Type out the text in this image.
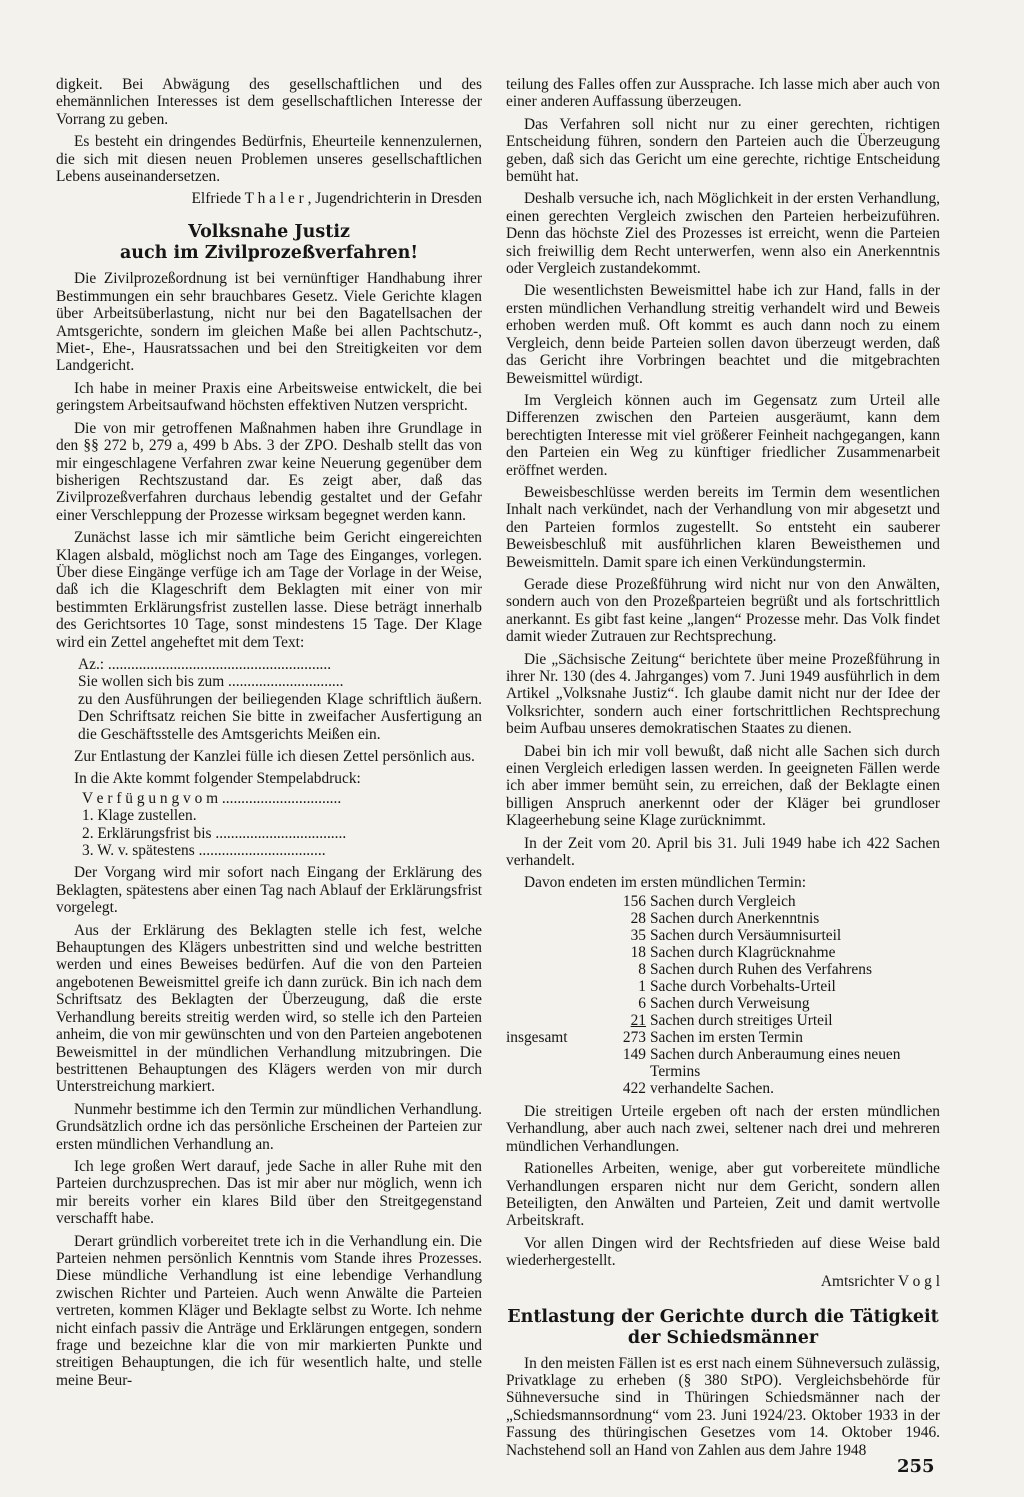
digkeit. Bei Abwägung des gesellschaftlichen und des ehemännlichen Interesses ist dem gesellschaftlichen Interesse der Vorrang zu geben.

Es besteht ein dringendes Bedürfnis, Eheurteile kennenzulernen, die sich mit diesen neuen Problemen unseres gesellschaftlichen Lebens auseinandersetzen.

Elfriede T h a l e r , Jugendrichterin in Dresden
Volksnahe Justiz
auch im Zivilprozeßverfahren!

Die Zivilprozeßordnung ist bei vernünftiger Handhabung ihrer Bestimmungen ein sehr brauchbares Gesetz. Viele Gerichte klagen über Arbeitsüberlastung, nicht nur bei den Bagatellsachen der Amtsgerichte, sondern im gleichen Maße bei allen Pachtschutz-, Miet-, Ehe-, Hausratssachen und bei den Streitigkeiten vor dem Landgericht.

Ich habe in meiner Praxis eine Arbeitsweise entwickelt, die bei geringstem Arbeitsaufwand höchsten effektiven Nutzen verspricht.

Die von mir getroffenen Maßnahmen haben ihre Grundlage in den §§ 272 b, 279 a, 499 b Abs. 3 der ZPO. Deshalb stellt das von mir eingeschlagene Verfahren zwar keine Neuerung gegenüber dem bisherigen Rechtszustand dar. Es zeigt aber, daß das Zivilprozeßverfahren durchaus lebendig gestaltet und der Gefahr einer Verschleppung der Prozesse wirksam begegnet werden kann.

Zunächst lasse ich mir sämtliche beim Gericht eingereichten Klagen alsbald, möglichst noch am Tage des Einganges, vorlegen. Über diese Eingänge verfüge ich am Tage der Vorlage in der Weise, daß ich die Klageschrift dem Beklagten mit einer von mir bestimmten Erklärungsfrist zustellen lasse. Diese beträgt innerhalb des Gerichtsortes 10 Tage, sonst mindestens 15 Tage. Der Klage wird ein Zettel angeheftet mit dem Text:

Az.: ..........................................................
Sie wollen sich bis zum ..............................

zu den Ausführungen der beiliegenden Klage schriftlich äußern. Den Schriftsatz reichen Sie bitte in zweifacher Ausfertigung an die Geschäftsstelle des Amtsgerichts Meißen ein.

Zur Entlastung der Kanzlei fülle ich diesen Zettel persönlich aus.

In die Akte kommt folgender Stempelabdruck:

V e r f ü g u n g v o m ...............................
1. Klage zustellen.
2. Erklärungsfrist bis ..................................
3. W. v. spätestens .................................

Der Vorgang wird mir sofort nach Eingang der Erklärung des Beklagten, spätestens aber einen Tag nach Ablauf der Erklärungsfrist vorgelegt.

Aus der Erklärung des Beklagten stelle ich fest, welche Behauptungen des Klägers unbestritten sind und welche bestritten werden und eines Beweises bedürfen. Auf die von den Parteien angebotenen Beweismittel greife ich dann zurück. Bin ich nach dem Schriftsatz des Beklagten der Überzeugung, daß die erste Verhandlung bereits streitig werden wird, so stelle ich den Parteien anheim, die von mir gewünschten und von den Parteien angebotenen Beweismittel in der mündlichen Verhandlung mitzubringen. Die bestrittenen Behauptungen des Klägers werden von mir durch Unterstreichung markiert.

Nunmehr bestimme ich den Termin zur mündlichen Verhandlung. Grundsätzlich ordne ich das persönliche Erscheinen der Parteien zur ersten mündlichen Verhandlung an.

Ich lege großen Wert darauf, jede Sache in aller Ruhe mit den Parteien durchzusprechen. Das ist mir aber nur möglich, wenn ich mir bereits vorher ein klares Bild über den Streitgegenstand verschafft habe.

Derart gründlich vorbereitet trete ich in die Verhandlung ein. Die Parteien nehmen persönlich Kenntnis vom Stande ihres Prozesses. Diese mündliche Verhandlung ist eine lebendige Verhandlung zwischen Richter und Parteien. Auch wenn Anwälte die Parteien vertreten, kommen Kläger und Beklagte selbst zu Worte. Ich nehme nicht einfach passiv die Anträge und Erklärungen entgegen, sondern frage und bezeichne klar die von mir markierten Punkte und streitigen Behauptungen, die ich für wesentlich halte, und stelle meine Beur-

teilung des Falles offen zur Aussprache. Ich lasse mich aber auch von einer anderen Auffassung überzeugen.

Das Verfahren soll nicht nur zu einer gerechten, richtigen Entscheidung führen, sondern den Parteien auch die Überzeugung geben, daß sich das Gericht um eine gerechte, richtige Entscheidung bemüht hat.

Deshalb versuche ich, nach Möglichkeit in der ersten Verhandlung, einen gerechten Vergleich zwischen den Parteien herbeizuführen. Denn das höchste Ziel des Prozesses ist erreicht, wenn die Parteien sich freiwillig dem Recht unterwerfen, wenn also ein Anerkenntnis oder Vergleich zustandekommt.

Die wesentlichsten Beweismittel habe ich zur Hand, falls in der ersten mündlichen Verhandlung streitig verhandelt wird und Beweis erhoben werden muß. Oft kommt es auch dann noch zu einem Vergleich, denn beide Parteien sollen davon überzeugt werden, daß das Gericht ihre Vorbringen beachtet und die mitgebrachten Beweismittel würdigt.

Im Vergleich können auch im Gegensatz zum Urteil alle Differenzen zwischen den Parteien ausgeräumt, kann dem berechtigten Interesse mit viel größerer Feinheit nachgegangen, kann den Parteien ein Weg zu künftiger friedlicher Zusammenarbeit eröffnet werden.

Beweisbeschlüsse werden bereits im Termin dem wesentlichen Inhalt nach verkündet, nach der Verhandlung von mir abgesetzt und den Parteien formlos zugestellt. So entsteht ein sauberer Beweisbeschluß mit ausführlichen klaren Beweisthemen und Beweismitteln. Damit spare ich einen Verkündungstermin.

Gerade diese Prozeßführung wird nicht nur von den Anwälten, sondern auch von den Prozeßparteien begrüßt und als fortschrittlich anerkannt. Es gibt fast keine „langen“ Prozesse mehr. Das Volk findet damit wieder Zutrauen zur Rechtsprechung.

Die „Sächsische Zeitung“ berichtete über meine Prozeßführung in ihrer Nr. 130 (des 4. Jahrganges) vom 7. Juni 1949 ausführlich in dem Artikel „Volksnahe Justiz“. Ich glaube damit nicht nur der Idee der Volksrichter, sondern auch einer fortschrittlichen Rechtsprechung beim Aufbau unseres demokratischen Staates zu dienen.

Dabei bin ich mir voll bewußt, daß nicht alle Sachen sich durch einen Vergleich erledigen lassen werden. In geeigneten Fällen werde ich aber immer bemüht sein, zu erreichen, daß der Beklagte einen billigen Anspruch anerkennt oder der Kläger bei grundloser Klageerhebung seine Klage zurücknimmt.

In der Zeit vom 20. April bis 31. Juli 1949 habe ich 422 Sachen verhandelt.

Davon endeten im ersten mündlichen Termin:

	156	Sachen durch Vergleich
	28	Sachen durch Anerkenntnis
	35	Sachen durch Versäumnisurteil
	18	Sachen durch Klagrücknahme
	8	Sachen durch Ruhen des Verfahrens
	1	Sache durch Vorbehalts-Urteil
	6	Sachen durch Verweisung
	21	Sachen durch streitiges Urteil
insgesamt	273	Sachen im ersten Termin
	149	Sachen durch Anberaumung eines neuen Termins
	422	verhandelte Sachen.

Die streitigen Urteile ergeben oft nach der ersten mündlichen Verhandlung, aber auch nach zwei, seltener nach drei und mehreren mündlichen Verhandlungen.

Rationelles Arbeiten, wenige, aber gut vorbereitete mündliche Verhandlungen ersparen nicht nur dem Gericht, sondern allen Beteiligten, den Anwälten und Parteien, Zeit und damit wertvolle Arbeitskraft.

Vor allen Dingen wird der Rechtsfrieden auf diese Weise bald wiederhergestellt.

Amtsrichter V o g l
Entlastung der Gerichte durch die Tätigkeit der Schiedsmänner

In den meisten Fällen ist es erst nach einem Sühneversuch zulässig, Privatklage zu erheben (§ 380 StPO). Vergleichsbehörde für Sühneversuche sind in Thüringen Schiedsmänner nach der „Schiedsmannsordnung“ vom 23. Juni 1924/23. Oktober 1933 in der Fassung des thüringischen Gesetzes vom 14. Oktober 1946. Nachstehend soll an Hand von Zahlen aus dem Jahre 1948

255
